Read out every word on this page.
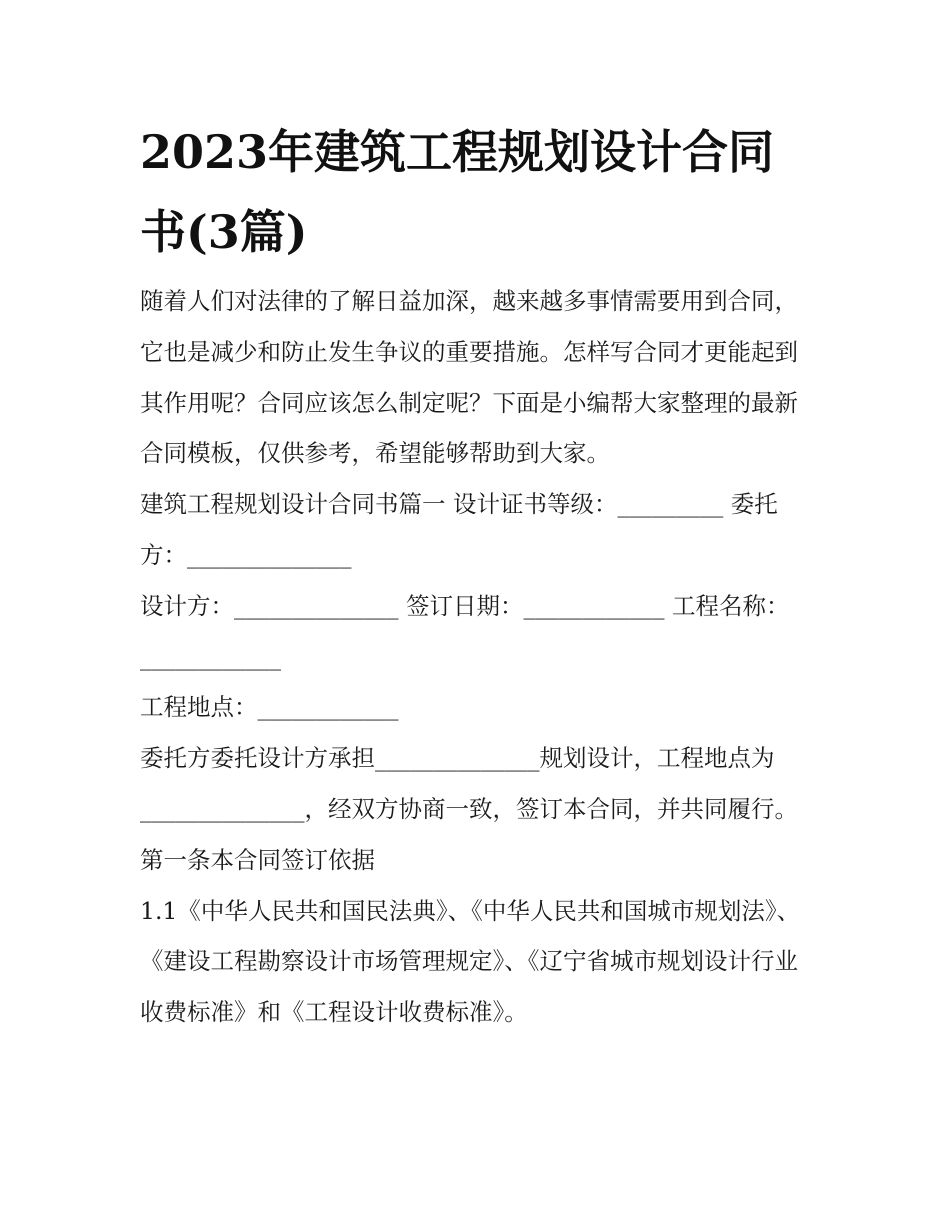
2023年建筑工程规划设计合同书(3篇)

随着人们对法律的了解日益加深，越来越多事情需要用到合同，它也是减少和防止发生争议的重要措施。怎样写合同才更能起到其作用呢？合同应该怎么制定呢？下面是小编帮大家整理的最新合同模板，仅供参考，希望能够帮助到大家。

建筑工程规划设计合同书篇一 设计证书等级：_________ 委托方：______________

设计方：______________ 签订日期：____________ 工程名称：____________

工程地点：____________

委托方委托设计方承担______________规划设计，工程地点为______________，经双方协商一致，签订本合同，并共同履行。

第一条本合同签订依据

1.1《中华人民共和国民法典》、《中华人民共和国城市规划法》、《建设工程勘察设计市场管理规定》、《辽宁省城市规划设计行业收费标准》和《工程设计收费标准》。
